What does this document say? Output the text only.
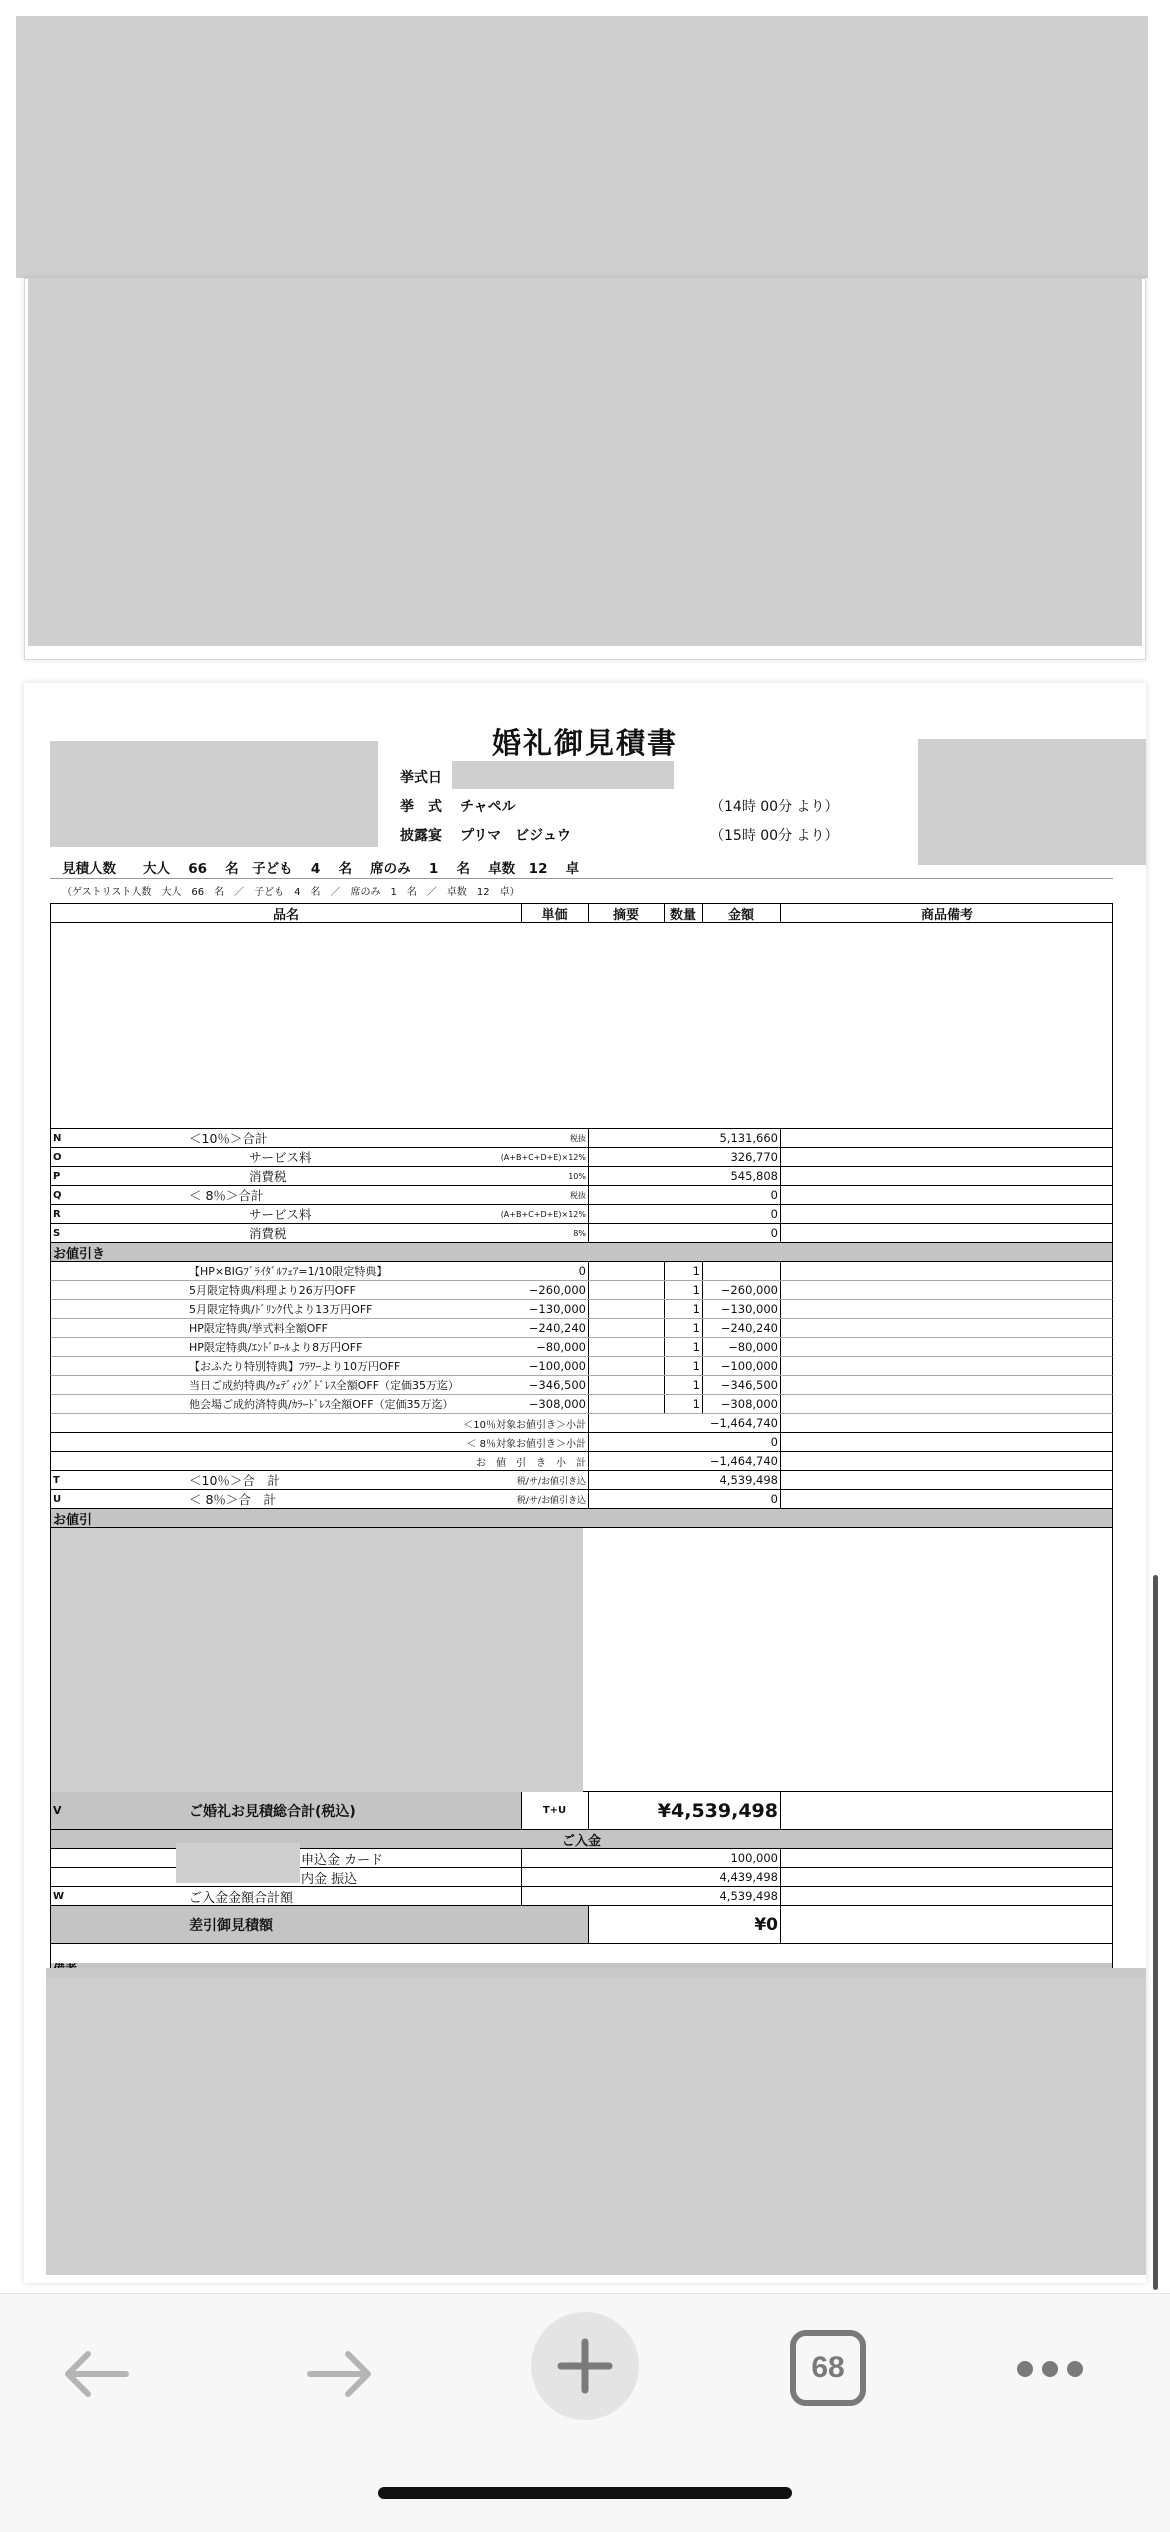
婚礼御見積書
挙式日
挙　式 チャペル	（14時 00分 より）
披露宴 プリマ　ビジュウ	（15時 00分 より）
見積人数　　大人　 66　 名　子ども　 4　 名　 席のみ　 1　 名　 卓数　12　 卓
（ゲストリスト人数　大人　66　名　／　子ども　4　名　／　席のみ　1　名　／　卓数　12　卓）
品名	単価	摘要	数量	金額	商品備考
N	＜10％＞合計	税抜	5,131,660
O	サービス料	(A+B+C+D+E)×12%	326,770
P	消費税	10%	545,808
Q	＜ 8％＞合計	税抜	0
R	サービス料	(A+B+C+D+E)×12%	0
S	消費税	8%	0
お値引き
【HP×BIGﾌﾞﾗｲﾀﾞﾙﾌｪｱ=1/10限定特典】	0	1
5月限定特典/料理より26万円OFF	−260,000	1	−260,000
5月限定特典/ﾄﾞﾘﾝｸ代より13万円OFF	−130,000	1	−130,000
HP限定特典/挙式料全額OFF	−240,240	1	−240,240
HP限定特典/ｴﾝﾄﾞﾛｰﾙより8万円OFF	−80,000	1	−80,000
【おふたり特別特典】ﾌﾗﾜｰより10万円OFF	−100,000	1	−100,000
当日ご成約特典/ｳｪﾃﾞｨﾝｸﾞﾄﾞﾚｽ全額OFF（定価35万迄）	−346,500	1	−346,500
他会場ご成約済特典/ｶﾗｰﾄﾞﾚｽ全額OFF（定価35万迄）	−308,000	1	−308,000
＜10％対象お値引き＞小計	−1,464,740
＜ 8％対象お値引き＞小計	0
お　値　引　き　小　計	−1,464,740
T	＜10％＞合　計	税/サ/お値引き込	4,539,498
U	＜ 8％＞合　計	税/サ/お値引き込	0
お値引
V	ご婚礼お見積総合計(税込)	T+U	¥4,539,498
ご入金
申込金 カード	100,000
内金 振込	4,439,498
W	ご入金金額合計額	4,539,498
差引御見積額	¥0
68
